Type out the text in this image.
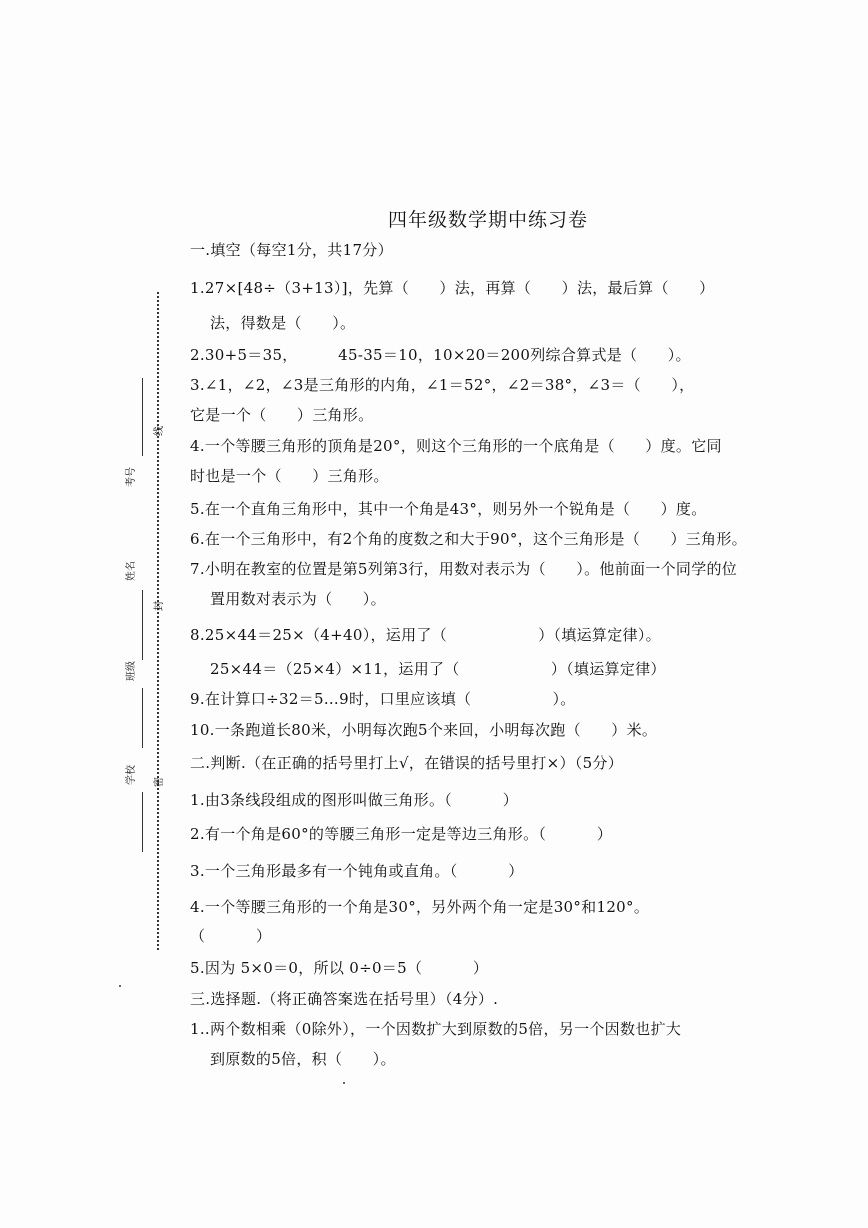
四年级数学期中练习卷
一.填空（每空1分，共17分）
1.27×[48÷（3+13）]，先算（      ）法，再算（      ）法，最后算（      ）
法，得数是（      ）。
2.30+5＝35，        45-35＝10，10×20＝200列综合算式是（      ）。
3.∠1，∠2，∠3是三角形的内角，∠1＝52°，∠2＝38°，∠3＝（      ），
它是一个（      ）三角形。
4.一个等腰三角形的顶角是20°，则这个三角形的一个底角是（      ）度。它同
时也是一个（      ）三角形。
5.在一个直角三角形中，其中一个角是43°，则另外一个锐角是（      ）度。
6.在一个三角形中，有2个角的度数之和大于90°，这个三角形是（      ）三角形。
7.小明在教室的位置是第5列第3行，用数对表示为（      ）。他前面一个同学的位
置用数对表示为（      ）。
8.25×44＝25×（4+40），运用了（                  ）（填运算定律）。
25×44＝（25×4）×11，运用了（                  ）（填运算定律）
9.在计算口÷32＝5…9时，口里应该填（                ）。
10.一条跑道长80米，小明每次跑5个来回，小明每次跑（      ）米。
二.判断.（在正确的括号里打上√，在错误的括号里打×）（5分）
1.由3条线段组成的图形叫做三角形。（          ）
2.有一个角是60°的等腰三角形一定是等边三角形。（          ）
3.一个三角形最多有一个钝角或直角。（          ）
4.一个等腰三角形的一个角是30°，另外两个角一定是30°和120°。
（          ）
5.因为 5×0＝0，所以 0÷0＝5（          ）
三.选择题.（将正确答案选在括号里）（4分）.
1..两个数相乘（0除外），一个因数扩大到原数的5倍，另一个因数也扩大
到原数的5倍，积（      ）。
考号
姓名
班级
学校
线
封
密
